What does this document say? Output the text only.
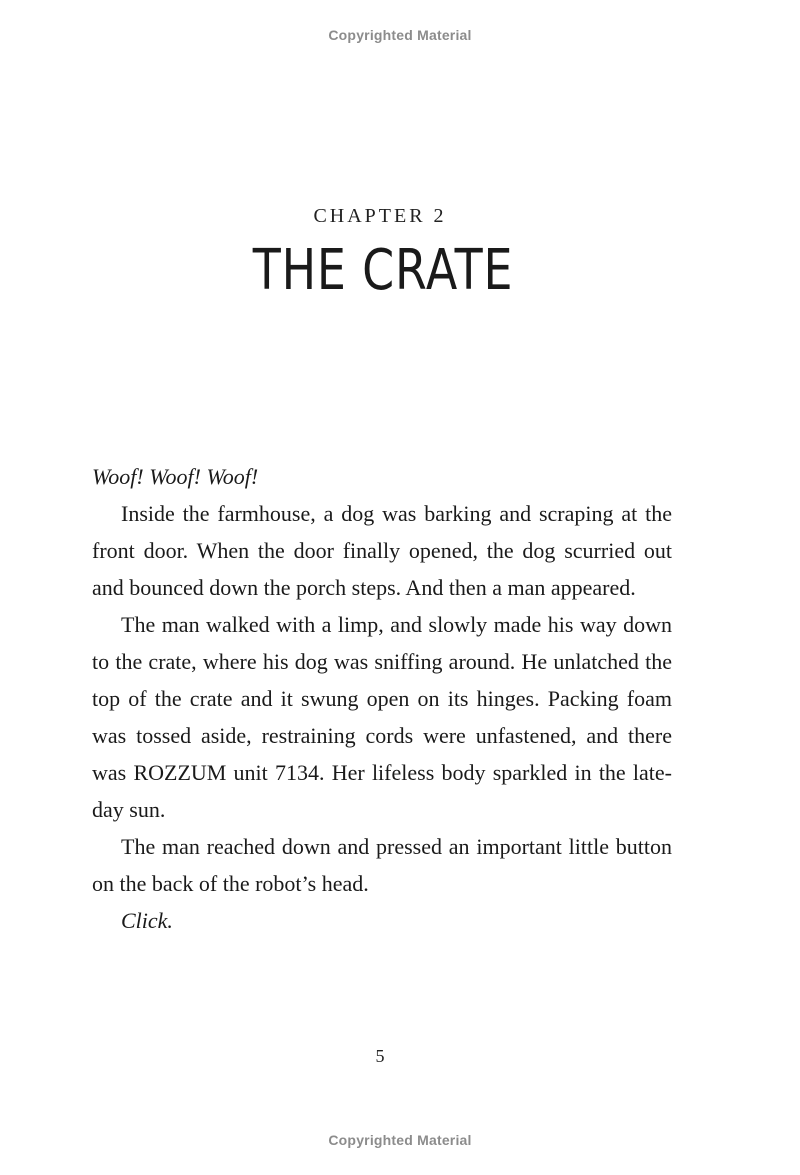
Copyrighted Material
CHAPTER 2
THE CRATE

Woof! Woof! Woof!

Inside the farmhouse, a dog was barking and scraping at the front door. When the door finally opened, the dog scurried out and bounced down the porch steps. And then a man appeared.

The man walked with a limp, and slowly made his way down to the crate, where his dog was sniffing around. He unlatched the top of the crate and it swung open on its hinges. Packing foam was tossed aside, restraining cords were unfastened, and there was ROZZUM unit 7134. Her lifeless body sparkled in the late-day sun.

The man reached down and pressed an important little button on the back of the robot’s head.

Click.

5
Copyrighted Material
